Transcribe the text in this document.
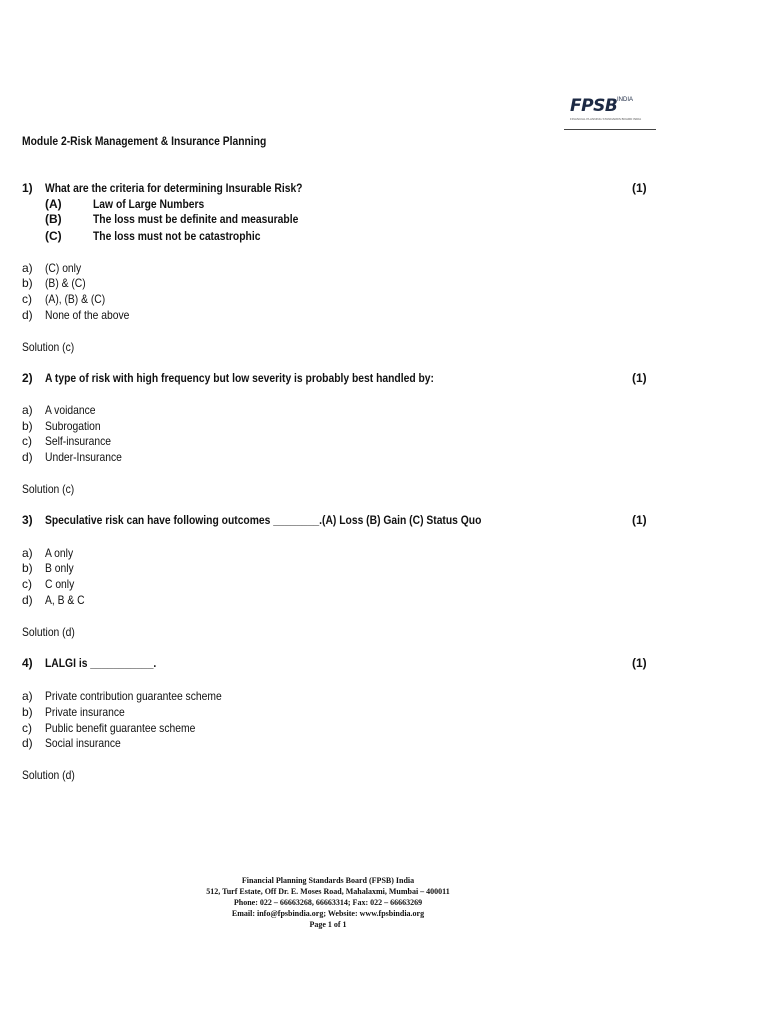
FPSB INDIA
FINANCIAL PLANNING STANDARDS BOARD INDIA
Module 2-Risk Management & Insurance Planning
1) What are the criteria for determining Insurable Risk?	(1)
(A)	Law of Large Numbers
(B)	The loss must be definite and measurable
(C)	The loss must not be catastrophic
a) (C) only
b) (B) & (C)
c) (A), (B) & (C)
d) None of the above
Solution (c)
2) A type of risk with high frequency but low severity is probably best handled by:	(1)
a) A voidance
b) Subrogation
c) Self-insurance
d) Under-Insurance
Solution (c)
3) Speculative risk can have following outcomes ________.(A) Loss (B) Gain (C) Status Quo	(1)
a) A only
b) B only
c) C only
d) A, B & C
Solution (d)
4) LALGI is ___________.	(1)
a) Private contribution guarantee scheme
b) Private insurance
c) Public benefit guarantee scheme
d) Social insurance
Solution (d)
Financial Planning Standards Board (FPSB) India
512, Turf Estate, Off Dr. E. Moses Road, Mahalaxmi, Mumbai – 400011
Phone: 022 – 66663268, 66663314; Fax: 022 – 66663269
Email: info@fpsbindia.org; Website: www.fpsbindia.org
Page 1 of 1
